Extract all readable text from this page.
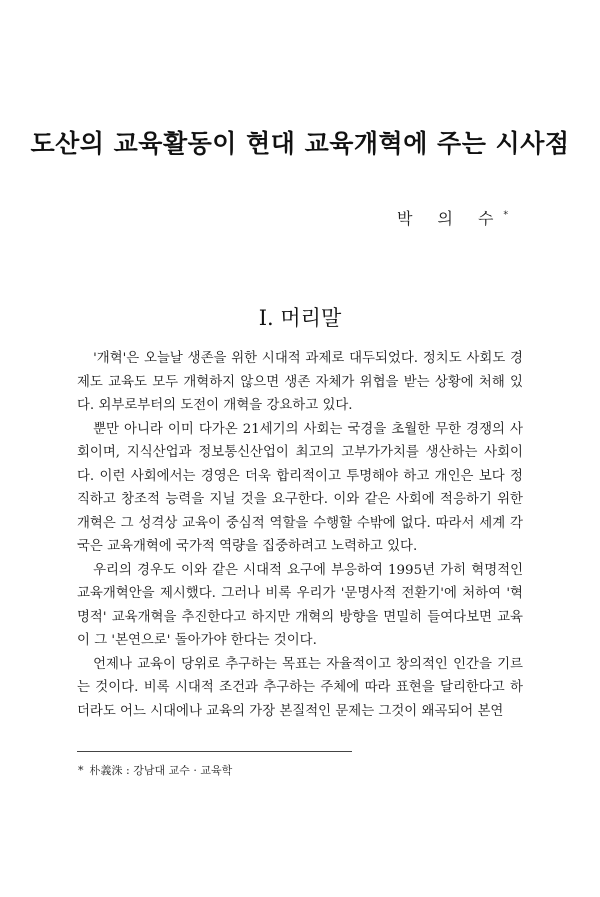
도산의 교육활동이 현대 교육개혁에 주는 시사점
박 의 수*
Ⅰ. 머리말

'개혁'은 오늘날 생존을 위한 시대적 과제로 대두되었다. 정치도 사회도 경제도 교육도 모두 개혁하지 않으면 생존 자체가 위협을 받는 상황에 처해 있다. 외부로부터의 도전이 개혁을 강요하고 있다.

뿐만 아니라 이미 다가온 21세기의 사회는 국경을 초월한 무한 경쟁의 사회이며, 지식산업과 정보통신산업이 최고의 고부가가치를 생산하는 사회이다. 이런 사회에서는 경영은 더욱 합리적이고 투명해야 하고 개인은 보다 정직하고 창조적 능력을 지닐 것을 요구한다. 이와 같은 사회에 적응하기 위한 개혁은 그 성격상 교육이 중심적 역할을 수행할 수밖에 없다. 따라서 세계 각국은 교육개혁에 국가적 역량을 집중하려고 노력하고 있다.

우리의 경우도 이와 같은 시대적 요구에 부응하여 1995년 가히 혁명적인 교육개혁안을 제시했다. 그러나 비록 우리가 '문명사적 전환기'에 처하여 '혁명적' 교육개혁을 추진한다고 하지만 개혁의 방향을 면밀히 들여다보면 교육이 그 '본연으로' 돌아가야 한다는 것이다.

언제나 교육이 당위로 추구하는 목표는 자율적이고 창의적인 인간을 기르는 것이다. 비록 시대적 조건과 추구하는 주체에 따라 표현을 달리한다고 하더라도 어느 시대에나 교육의 가장 본질적인 문제는 그것이 왜곡되어 본연

* 朴義洙 : 강남대 교수 · 교육학
